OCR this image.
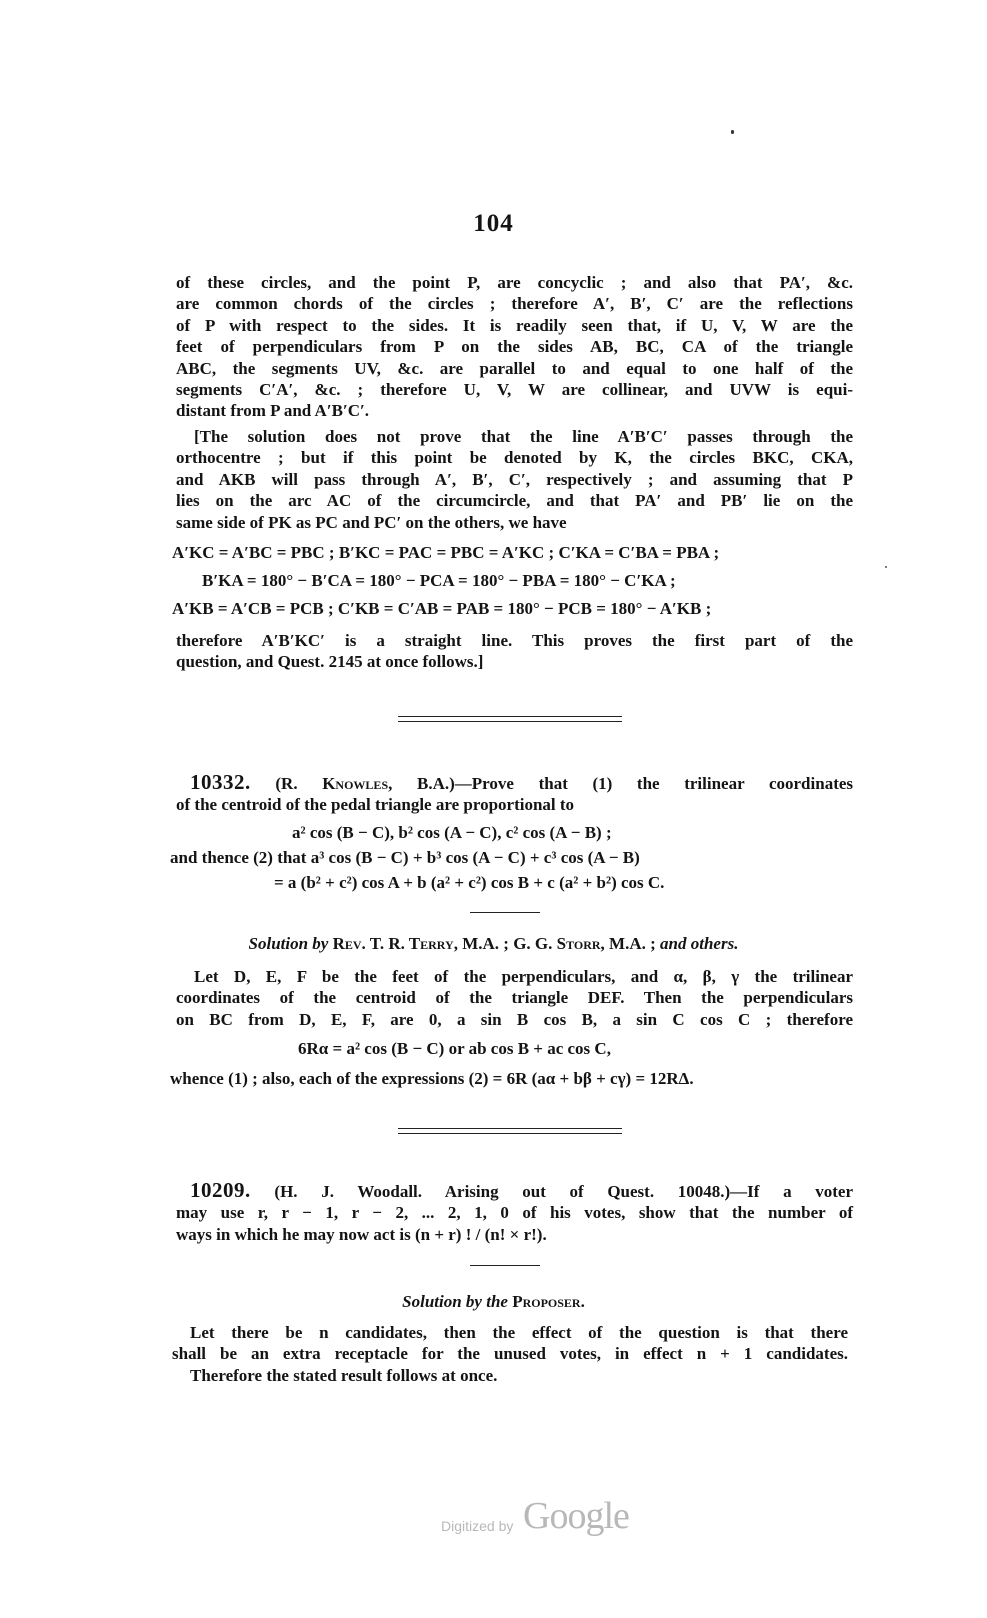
104
of these circles, and the point P, are concyclic ; and also that PA′, &c.
are common chords of the circles ; therefore A′, B′, C′ are the reflections
of P with respect to the sides. It is readily seen that, if U, V, W are the
feet of perpendiculars from P on the sides AB, BC, CA of the triangle
ABC, the segments UV, &c. are parallel to and equal to one half of the
segments C′A′, &c. ; therefore U, V, W are collinear, and UVW is equi-
distant from P and A′B′C′.
[The solution does not prove that the line A′B′C′ passes through the
orthocentre ; but if this point be denoted by K, the circles BKC, CKA,
and AKB will pass through A′, B′, C′, respectively ; and assuming that P
lies on the arc AC of the circumcircle, and that PA′ and PB′ lie on the
same side of PK as PC and PC′ on the others, we have
A′KC = A′BC = PBC ; B′KC = PAC = PBC = A′KC ; C′KA = C′BA = PBA ;
B′KA = 180° − B′CA = 180° − PCA = 180° − PBA = 180° − C′KA ;
A′KB = A′CB = PCB ; C′KB = C′AB = PAB = 180° − PCB = 180° − A′KB ;
therefore A′B′KC′ is a straight line. This proves the first part of the
question, and Quest. 2145 at once follows.]
10332. (R. Knowles, B.A.)—Prove that (1) the trilinear coordinates
of the centroid of the pedal triangle are proportional to
a² cos (B − C), b² cos (A − C), c² cos (A − B) ;
and thence (2) that a³ cos (B − C) + b³ cos (A − C) + c³ cos (A − B)
= a (b² + c²) cos A + b (a² + c²) cos B + c (a² + b²) cos C.
Solution by Rev. T. R. Terry, M.A. ; G. G. Storr, M.A. ; and others.
Let D, E, F be the feet of the perpendiculars, and α, β, γ the trilinear
coordinates of the centroid of the triangle DEF. Then the perpendiculars
on BC from D, E, F, are 0, a sin B cos B, a sin C cos C ; therefore
6Rα = a² cos (B − C) or ab cos B + ac cos C,
whence (1) ; also, each of the expressions (2) = 6R (aα + bβ + cγ) = 12RΔ.
10209. (H. J. Woodall. Arising out of Quest. 10048.)—If a voter
may use r, r − 1, r − 2, ... 2, 1, 0 of his votes, show that the number of
ways in which he may now act is (n + r) ! / (n! × r!).
Solution by the Proposer.
Let there be n candidates, then the effect of the question is that there
shall be an extra receptacle for the unused votes, in effect n + 1 candidates.
Therefore the stated result follows at once.
Digitized by Google
